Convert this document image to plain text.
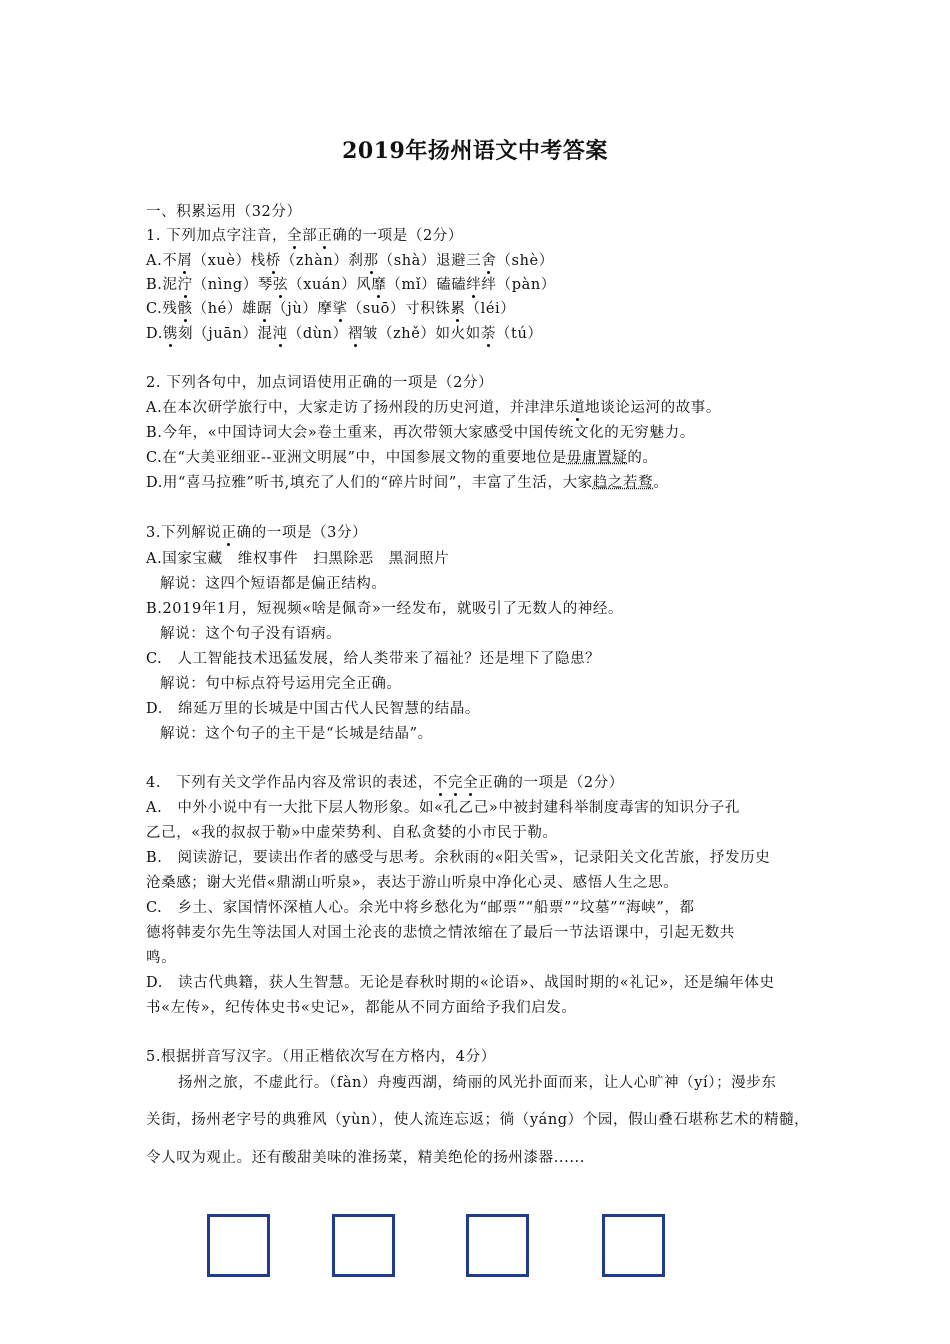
2019年扬州语文中考答案
一、积累运用（32分）
1. 下列加点字注音，全部正确的一项是（2分）
A.不屑（xuè）栈桥（zhàn）刹那（shà）退避三舍（shè）
B.泥泞（nìng）琴弦（xuán）风靡（mǐ）磕磕绊绊（pàn）
C.残骸（hé）雄踞（jù）摩挲（suō）寸积铢累（léi）
D.镌刻（juān）混沌（dùn）褶皱（zhě）如火如荼（tú）
2. 下列各句中，加点词语使用正确的一项是（2分）
A.在本次研学旅行中，大家走访了扬州段的历史河道，并津津乐道地谈论运河的故事。
B.今年，«中国诗词大会»卷土重来，再次带领大家感受中国传统文化的无穷魅力。
C.在“大美亚细亚--亚洲文明展”中，中国参展文物的重要地位是毋庸置疑的。
D.用“喜马拉雅”听书,填充了人们的“碎片时间”，丰富了生活，大家趋之若鹜。
3.下列解说正确的一项是（3分）
A.国家宝藏　维权事件　扫黑除恶　黑洞照片
解说：这四个短语都是偏正结构。
B.2019年1月，短视频«啥是佩奇»一经发布，就吸引了无数人的神经。
解说：这个句子没有语病。
C.　人工智能技术迅猛发展，给人类带来了福祉？还是埋下了隐患？
解说：句中标点符号运用完全正确。
D.　绵延万里的长城是中国古代人民智慧的结晶。
解说：这个句子的主干是“长城是结晶”。
4.　下列有关文学作品内容及常识的表述，不完全正确的一项是（2分）
A.　中外小说中有一大批下层人物形象。如«孔乙己»中被封建科举制度毒害的知识分子孔
乙己，«我的叔叔于勒»中虚荣势利、自私贪婪的小市民于勒。
B.　阅读游记，要读出作者的感受与思考。余秋雨的«阳关雪»，记录阳关文化苦旅，抒发历史
沧桑感；谢大光借«鼎湖山听泉»，表达于游山听泉中净化心灵、感悟人生之思。
C.　乡土、家国情怀深植人心。余光中将乡愁化为“邮票”“船票”“坟墓”“海峡”，都
德将韩麦尔先生等法国人对国土沦丧的悲愤之情浓缩在了最后一节法语课中，引起无数共
鸣。
D.　读古代典籍，获人生智慧。无论是春秋时期的«论语»、战国时期的«礼记»，还是编年体史
书«左传»，纪传体史书«史记»，都能从不同方面给予我们启发。
5.根据拼音写汉字。（用正楷依次写在方格内，4分）
扬州之旅，不虚此行。（fàn）舟瘦西湖，绮丽的风光扑面而来，让人心旷神（yí）；漫步东
关街，扬州老字号的典雅风（yùn），使人流连忘返；徜（yáng）个园，假山叠石堪称艺术的精髓，
令人叹为观止。还有酸甜美味的淮扬菜，精美绝伦的扬州漆器......
